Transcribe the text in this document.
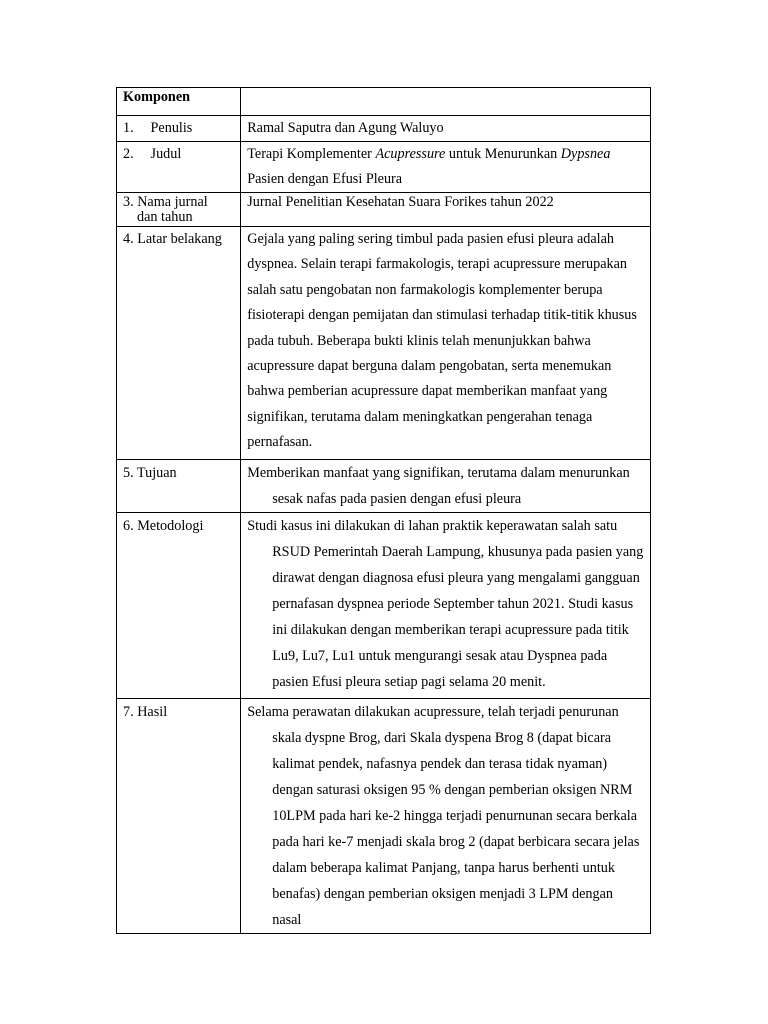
Komponen	
1. Penulis	Ramal Saputra dan Agung Waluyo
2. Judul	Terapi Komplementer Acupressure untuk Menurunkan Dypsnea Pasien dengan Efusi Pleura

3. Nama jurnal
dan tahun	Jurnal Penelitian Kesehatan Suara Forikes tahun 2022
4. Latar belakang	Gejala yang paling sering timbul pada pasien efusi pleura adalah dyspnea. Selain terapi farmakologis, terapi acupressure merupakan salah satu pengobatan non farmakologis komplementer berupa fisioterapi dengan pemijatan dan stimulasi terhadap titik-titik khusus pada tubuh. Beberapa bukti klinis telah menunjukkan bahwa acupressure dapat berguna dalam pengobatan, serta menemukan bahwa pemberian acupressure dapat memberikan manfaat yang signifikan, terutama dalam meningkatkan pengerahan tenaga pernafasan.
5. Tujuan	Memberikan manfaat yang signifikan, terutama dalam menurunkan sesak nafas pada pasien dengan efusi pleura

6. Metodologi	Studi kasus ini dilakukan di lahan praktik keperawatan salah satu RSUD Pemerintah Daerah Lampung, khusunya pada pasien yang dirawat dengan diagnosa efusi pleura yang mengalami gangguan pernafasan dyspnea periode September tahun 2021. Studi kasus ini dilakukan dengan memberikan terapi acupressure pada titik Lu9, Lu7, Lu1 untuk mengurangi sesak atau Dyspnea pada pasien Efusi pleura setiap pagi selama 20 menit.

7. Hasil	Selama perawatan dilakukan acupressure, telah terjadi penurunan skala dyspne Brog, dari Skala dyspena Brog 8 (dapat bicara kalimat pendek, nafasnya pendek dan terasa tidak nyaman) dengan saturasi oksigen 95 % dengan pemberian oksigen NRM 10LPM pada hari ke-2 hingga terjadi penurnunan secara berkala pada hari ke-7 menjadi skala brog 2 (dapat berbicara secara jelas dalam beberapa kalimat Panjang, tanpa harus berhenti untuk benafas) dengan pemberian oksigen menjadi 3 LPM dengan nasal
